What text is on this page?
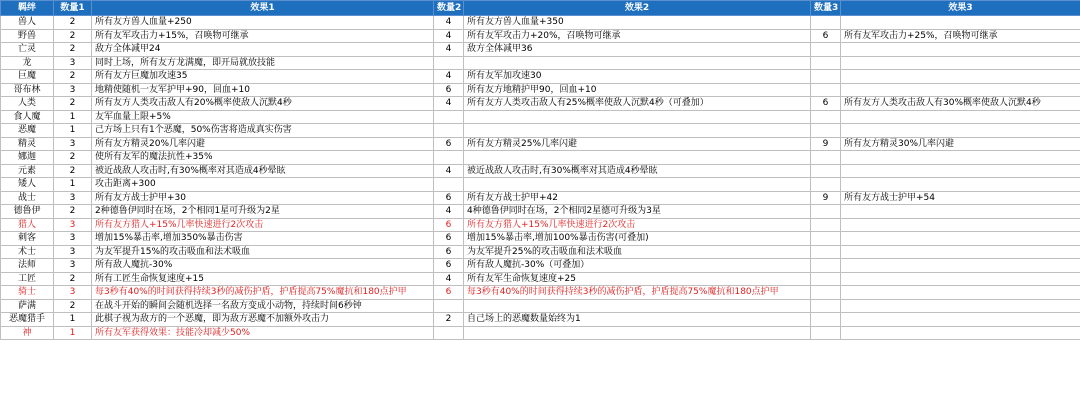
羁绊	数量1	效果1	数量2	效果2	数量3	效果3
兽人	2	所有友方兽人血量+250	4	所有友方兽人血量+350		
野兽	2	所有友军攻击力+15%，召唤物可继承	4	所有友军攻击力+20%，召唤物可继承	6	所有友军攻击力+25%，召唤物可继承
亡灵	2	敌方全体减甲24	4	敌方全体减甲36		
龙	3	同时上场，所有友方龙满魔，即开局就放技能				
巨魔	2	所有友方巨魔加攻速35	4	所有友军加攻速30		
哥布林	3	地精使随机一友军护甲+90，回血+10	6	所有友方地精护甲90，回血+10		
人类	2	所有友方人类攻击敌人有20%概率使敌人沉默4秒	4	所有友方人类攻击敌人有25%概率使敌人沉默4秒（可叠加）	6	所有友方人类攻击敌人有30%概率使敌人沉默4秒
食人魔	1	友军血量上限+5%				
恶魔	1	己方场上只有1个恶魔，50%伤害将造成真实伤害				
精灵	3	所有友方精灵20%几率闪避	6	所有友方精灵25%几率闪避	9	所有友方精灵30%几率闪避
娜迦	2	使所有友军的魔法抗性+35%				
元素	2	被近战敌人攻击时,有30%概率对其造成4秒晕眩	4	被近战敌人攻击时,有30%概率对其造成4秒晕眩		
矮人	1	攻击距离+300				
战士	3	所有友方战士护甲+30	6	所有友方战士护甲+42	9	所有友方战士护甲+54
德鲁伊	2	2种德鲁伊同时在场，2个相同1星可升级为2星	4	4种德鲁伊同时在场，2个相同2星德可升级为3星		
猎人	3	所有友方猎人+15%几率快速进行2次攻击	6	所有友方猎人+15%几率快速进行2次攻击		
刺客	3	增加15%暴击率,增加350%暴击伤害	6	增加15%暴击率,增加100%暴击伤害(可叠加)		
术士	3	为友军提升15%的攻击吸血和法术吸血	6	为友军提升25%的攻击吸血和法术吸血		
法师	3	所有敌人魔抗-30%	6	所有敌人魔抗-30%（可叠加）		
工匠	2	所有工匠生命恢复速度+15	4	所有友军生命恢复速度+25		
骑士	3	每3秒有40%的时间获得持续3秒的减伤护盾，护盾提高75%魔抗和180点护甲	6	每3秒有40%的时间获得持续3秒的减伤护盾，护盾提高75%魔抗和180点护甲		
萨满	2	在战斗开始的瞬间会随机选择一名敌方变成小动物，持续时间6秒钟				
恶魔猎手	1	此棋子视为敌方的一个恶魔，即为敌方恶魔不加额外攻击力	2	自己场上的恶魔数量始终为1		
神	1	所有友军获得效果：技能冷却减少50%				
